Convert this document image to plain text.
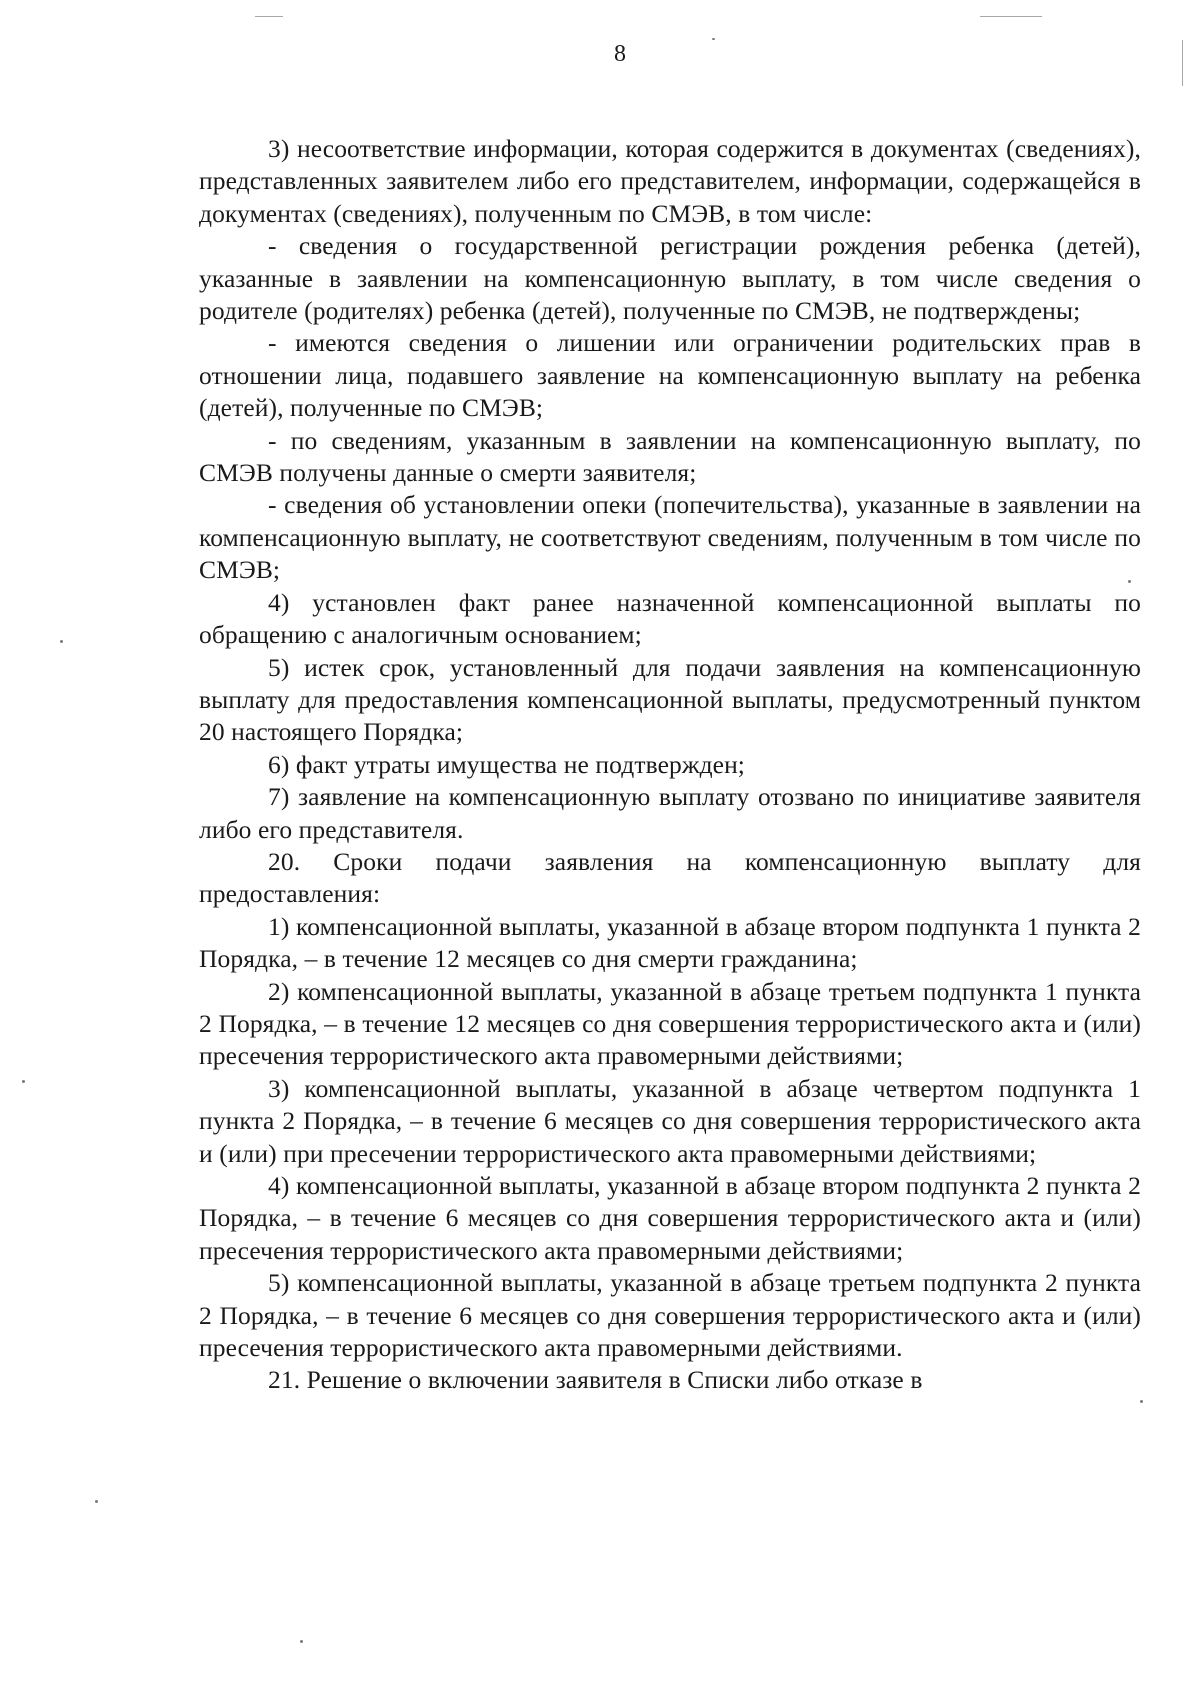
8

3) несоответствие информации, которая содержится в документах (сведениях), представленных заявителем либо его представителем, информации, содержащейся в документах (сведениях), полученным по СМЭВ, в том числе:

- сведения о государственной регистрации рождения ребенка (детей), указанные в заявлении на компенсационную выплату, в том числе сведения о родителе (родителях) ребенка (детей), полученные по СМЭВ, не подтверждены;

- имеются сведения о лишении или ограничении родительских прав в отношении лица, подавшего заявление на компенсационную выплату на ребенка (детей), полученные по СМЭВ;

- по сведениям, указанным в заявлении на компенсационную выплату, по СМЭВ получены данные о смерти заявителя;

- сведения об установлении опеки (попечительства), указанные в заявлении на компенсационную выплату, не соответствуют сведениям, полученным в том числе по СМЭВ;

4) установлен факт ранее назначенной компенсационной выплаты по обращению с аналогичным основанием;

5) истек срок, установленный для подачи заявления на компенсационную выплату для предоставления компенсационной выплаты, предусмотренный пунктом 20 настоящего Порядка;

6) факт утраты имущества не подтвержден;

7) заявление на компенсационную выплату отозвано по инициативе заявителя либо его представителя.

20. Сроки подачи заявления на компенсационную выплату для предоставления:

1) компенсационной выплаты, указанной в абзаце втором подпункта 1 пункта 2 Порядка, – в течение 12 месяцев со дня смерти гражданина;

2) компенсационной выплаты, указанной в абзаце третьем подпункта 1 пункта 2 Порядка, – в течение 12 месяцев со дня совершения террористического акта и (или) пресечения террористического акта правомерными действиями;

3) компенсационной выплаты, указанной в абзаце четвертом подпункта 1 пункта 2 Порядка, – в течение 6 месяцев со дня совершения террористического акта и (или) при пресечении террористического акта правомерными действиями;

4) компенсационной выплаты, указанной в абзаце втором подпункта 2 пункта 2 Порядка, – в течение 6 месяцев со дня совершения террористического акта и (или) пресечения террористического акта правомерными действиями;

5) компенсационной выплаты, указанной в абзаце третьем подпункта 2 пункта 2 Порядка, – в течение 6 месяцев со дня совершения террористического акта и (или) пресечения террористического акта правомерными действиями.

21. Решение о включении заявителя в Списки либо отказе в
